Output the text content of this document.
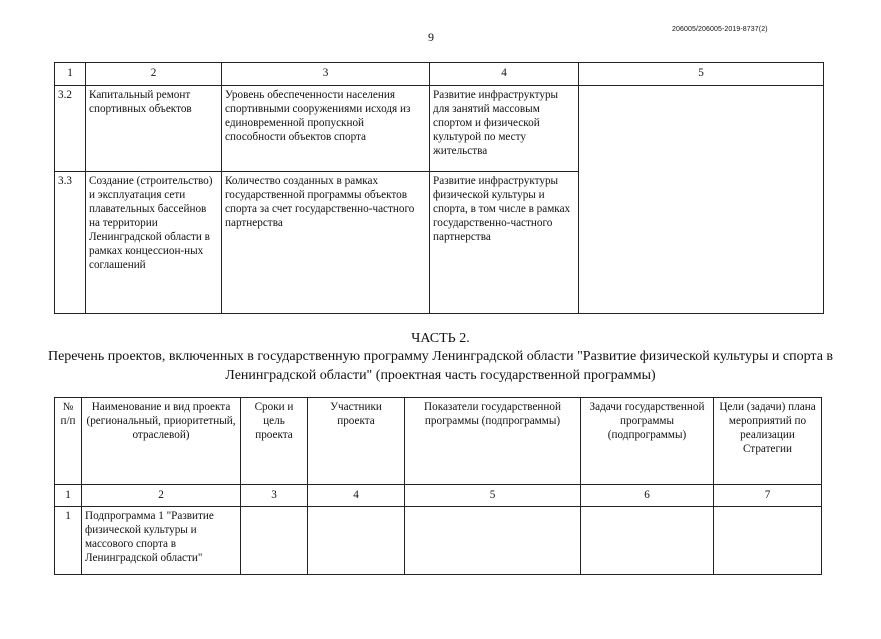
9
206005/206005-2019-8737(2)
1	2	3	4	5
3.2	Капитальный ремонт спортивных объектов	Уровень обеспеченности населения спортивными сооружениями исходя из единовременной пропускной способности объектов спорта	Развитие инфраструктуры для занятий массовым спортом и физической культурой по месту жительства	
3.3	Создание (строительство) и эксплуатация сети плавательных бассейнов на территории Ленинградской области в рамках концессион-ных соглашений	Количество созданных в рамках государственной программы объектов спорта за счет государственно-частного партнерства	Развитие инфраструктуры физической культуры и спорта, в том числе в рамках государственно-частного партнерства	
ЧАСТЬ 2.
Перечень проектов, включенных в государственную программу Ленинградской области "Развитие физической культуры и спорта в Ленинградской области" (проектная часть государственной программы)
№ п/п	Наименование и вид проекта (региональный, приоритетный, отраслевой)	Сроки и цель проекта	Участники проекта	Показатели государственной программы (подпрограммы)	Задачи государственной программы (подпрограммы)	Цели (задачи) плана мероприятий по реализации Стратегии
1	2	3	4	5	6	7
1	Подпрограмма 1 "Развитие физической культуры и массового спорта в Ленинградской области"					
